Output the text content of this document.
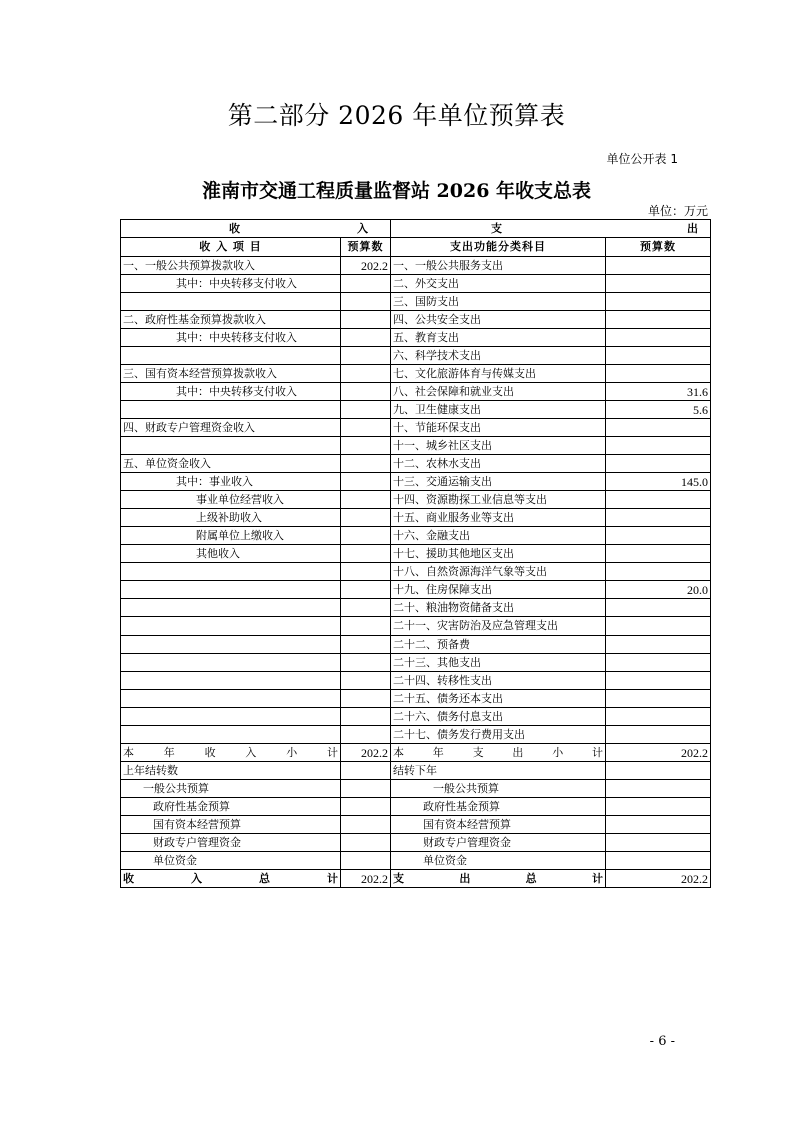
第二部分 2026 年单位预算表
单位公开表 1
淮南市交通工程质量监督站 2026 年收支总表
单位：万元
收 入		支 出	

收 入 项 目	预算数	支出功能分类科目	预算数
一、一般公共预算拨款收入	202.2	一、一般公共服务支出	
其中：中央转移支付收入		二、外交支出	
		三、国防支出	
二、政府性基金预算拨款收入		四、公共安全支出	
其中：中央转移支付收入		五、教育支出	
		六、科学技术支出	
三、国有资本经营预算拨款收入		七、文化旅游体育与传媒支出	
其中：中央转移支付收入		八、社会保障和就业支出	31.6
		九、卫生健康支出	5.6
四、财政专户管理资金收入		十、节能环保支出	
		十一、城乡社区支出	
五、单位资金收入		十二、农林水支出	
其中：事业收入		十三、交通运输支出	145.0
事业单位经营收入		十四、资源勘探工业信息等支出	
上级补助收入		十五、商业服务业等支出	
附属单位上缴收入		十六、金融支出	
其他收入		十七、援助其他地区支出	
		十八、自然资源海洋气象等支出	
		十九、住房保障支出	20.0
		二十、粮油物资储备支出	
		二十一、灾害防治及应急管理支出	
		二十二、预备费	
		二十三、其他支出	
		二十四、转移性支出	
		二十五、债务还本支出	
		二十六、债务付息支出	
		二十七、债务发行费用支出	
本年收入小计	202.2	本年支出小计	202.2
上年结转数		结转下年	
一般公共预算		一般公共预算	
政府性基金预算		政府性基金预算	
国有资本经营预算		国有资本经营预算	
财政专户管理资金		财政专户管理资金	
单位资金		单位资金	
收入总计	202.2	支出总计	202.2
- 6 -
